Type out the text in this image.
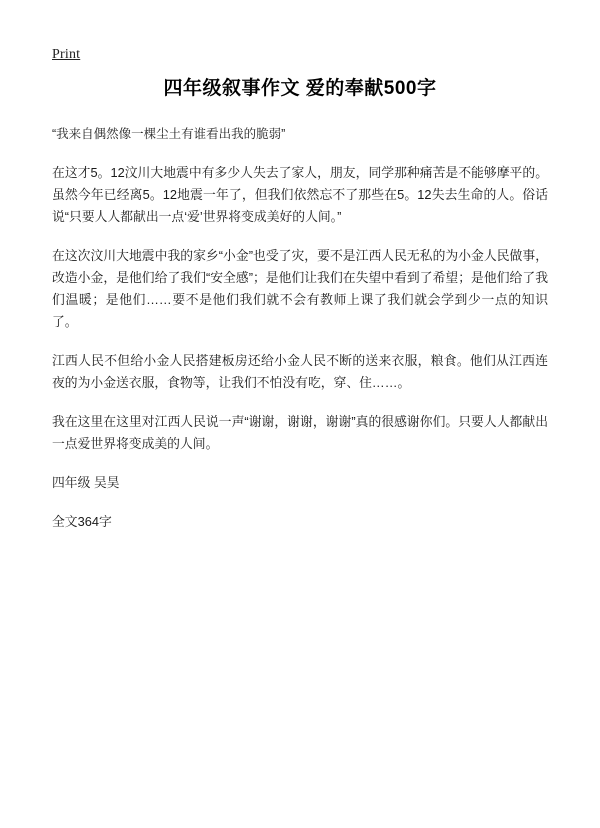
Print
四年级叙事作文 爱的奉献500字
“我来自偶然像一棵尘土有谁看出我的脆弱”

在这才5。12汶川大地震中有多少人失去了家人，朋友，同学那种痛苦是不能够摩平的。虽然今年已经离5。12地震一年了，但我们依然忘不了那些在5。12失去生命的人。俗话说“只要人人都献出一点‘爱’世界将变成美好的人间。”

在这次汶川大地震中我的家乡“小金”也受了灾，要不是江西人民无私的为小金人民做事，改造小金，是他们给了我们“安全感”；是他们让我们在失望中看到了希望；是他们给了我们温暖；是他们……要不是他们我们就不会有教师上课了我们就会学到少一点的知识了。

江西人民不但给小金人民搭建板房还给小金人民不断的送来衣服，粮食。他们从江西连夜的为小金送衣服，食物等，让我们不怕没有吃，穿、住……。

我在这里在这里对江西人民说一声“谢谢，谢谢，谢谢”真的很感谢你们。只要人人都献出一点爱世界将变成美的人间。

四年级 吴昊

全文364字
